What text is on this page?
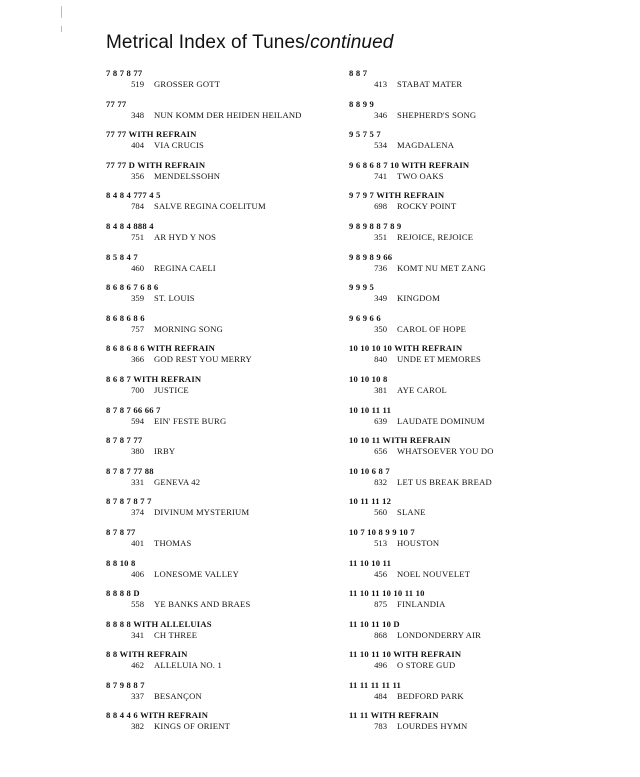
Metrical Index of Tunes/continued
7 8 7 8 77
519 GROSSER GOTT
77 77
348 NUN KOMM DER HEIDEN HEILAND
77 77 WITH REFRAIN
404 VIA CRUCIS
77 77 D WITH REFRAIN
356 MENDELSSOHN
8 4 8 4 777 4 5
784 SALVE REGINA COELITUM
8 4 8 4 888 4
751 AR HYD Y NOS
8 5 8 4 7
460 REGINA CAELI
8 6 8 6 7 6 8 6
359 ST. LOUIS
8 6 8 6 8 6
757 MORNING SONG
8 6 8 6 8 6 WITH REFRAIN
366 GOD REST YOU MERRY
8 6 8 7 WITH REFRAIN
700 JUSTICE
8 7 8 7 66 66 7
594 EIN' FESTE BURG
8 7 8 7 77
380 IRBY
8 7 8 7 77 88
331 GENEVA 42
8 7 8 7 8 7 7
374 DIVINUM MYSTERIUM
8 7 8 77
401 THOMAS
8 8 10 8
406 LONESOME VALLEY
8 8 8 8 D
558 YE BANKS AND BRAES
8 8 8 8 WITH ALLELUIAS
341 CH THREE
8 8 WITH REFRAIN
462 ALLELUIA NO. 1
8 7 9 8 8 7
337 BESANÇON
8 8 4 4 6 WITH REFRAIN
382 KINGS OF ORIENT
8 8 7
413 STABAT MATER
8 8 9 9
346 SHEPHERD'S SONG
9 5 7 5 7
534 MAGDALENA
9 6 8 6 8 7 10 WITH REFRAIN
741 TWO OAKS
9 7 9 7 WITH REFRAIN
698 ROCKY POINT
9 8 9 8 8 7 8 9
351 REJOICE, REJOICE
9 8 9 8 9 66
736 KOMT NU MET ZANG
9 9 9 5
349 KINGDOM
9 6 9 6 6
350 CAROL OF HOPE
10 10 10 10 WITH REFRAIN
840 UNDE ET MEMORES
10 10 10 8
381 AYE CAROL
10 10 11 11
639 LAUDATE DOMINUM
10 10 11 WITH REFRAIN
656 WHATSOEVER YOU DO
10 10 6 8 7
832 LET US BREAK BREAD
10 11 11 12
560 SLANE
10 7 10 8 9 9 10 7
513 HOUSTON
11 10 10 11
456 NOEL NOUVELET
11 10 11 10 10 11 10
875 FINLANDIA
11 10 11 10 D
868 LONDONDERRY AIR
11 10 11 10 WITH REFRAIN
496 O STORE GUD
11 11 11 11 11
484 BEDFORD PARK
11 11 WITH REFRAIN
783 LOURDES HYMN
